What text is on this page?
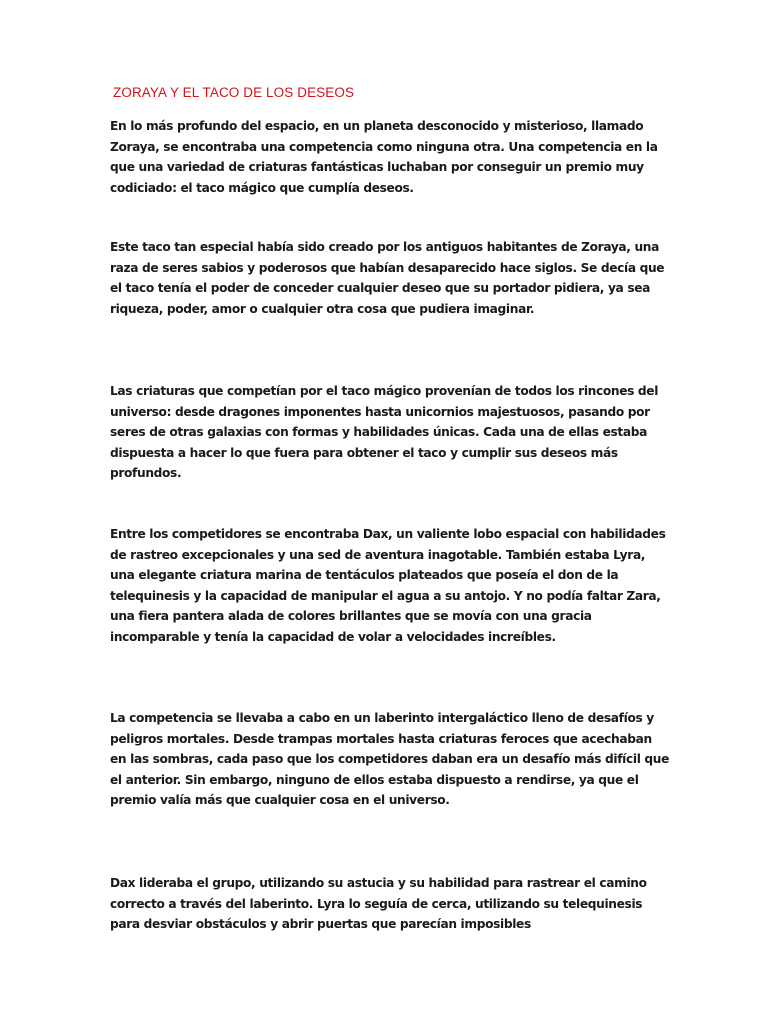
ZORAYA Y EL TACO DE LOS DESEOS

En lo más profundo del espacio, en un planeta desconocido y misterioso, llamado Zoraya, se encontraba una competencia como ninguna otra. Una competencia en la que una variedad de criaturas fantásticas luchaban por conseguir un premio muy codiciado: el taco mágico que cumplía deseos.

Este taco tan especial había sido creado por los antiguos habitantes de Zoraya, una raza de seres sabios y poderosos que habían desaparecido hace siglos. Se decía que el taco tenía el poder de conceder cualquier deseo que su portador pidiera, ya sea riqueza, poder, amor o cualquier otra cosa que pudiera imaginar.

Las criaturas que competían por el taco mágico provenían de todos los rincones del universo: desde dragones imponentes hasta unicornios majestuosos, pasando por seres de otras galaxias con formas y habilidades únicas. Cada una de ellas estaba dispuesta a hacer lo que fuera para obtener el taco y cumplir sus deseos más profundos.

Entre los competidores se encontraba Dax, un valiente lobo espacial con habilidades de rastreo excepcionales y una sed de aventura inagotable. También estaba Lyra, una elegante criatura marina de tentáculos plateados que poseía el don de la telequinesis y la capacidad de manipular el agua a su antojo. Y no podía faltar Zara, una fiera pantera alada de colores brillantes que se movía con una gracia incomparable y tenía la capacidad de volar a velocidades increíbles.

La competencia se llevaba a cabo en un laberinto intergaláctico lleno de desafíos y peligros mortales. Desde trampas mortales hasta criaturas feroces que acechaban en las sombras, cada paso que los competidores daban era un desafío más difícil que el anterior. Sin embargo, ninguno de ellos estaba dispuesto a rendirse, ya que el premio valía más que cualquier cosa en el universo.

Dax lideraba el grupo, utilizando su astucia y su habilidad para rastrear el camino correcto a través del laberinto. Lyra lo seguía de cerca, utilizando su telequinesis para desviar obstáculos y abrir puertas que parecían imposibles
